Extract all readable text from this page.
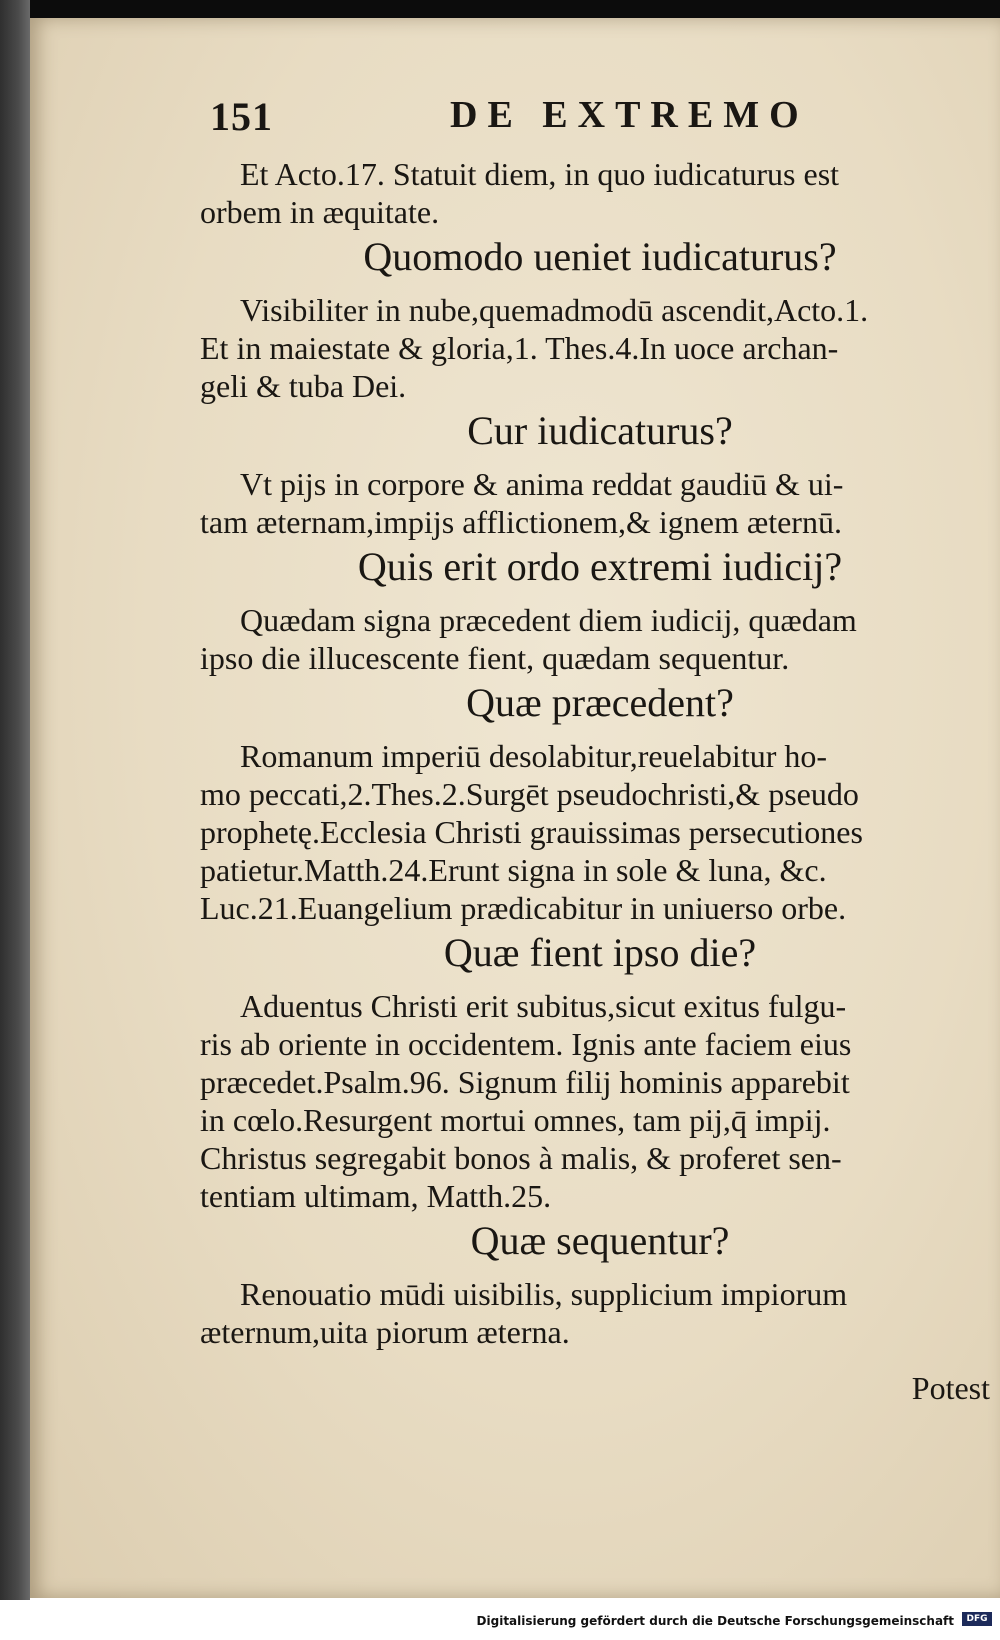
151	DE EXTREMO

Et Acto.17. Statuit diem, in quo iudicaturus est

orbem in æquitate.

Quomodo ueniet iudicaturus?

Visibiliter in nube,quemadmodū ascendit,Acto.1.

Et in maiestate & gloria,1. Thes.4.In uoce archan-

geli & tuba Dei.

Cur iudicaturus?

Vt pijs in corpore & anima reddat gaudiū & ui-

tam æternam,impijs afflictionem,& ignem æternū.

Quis erit ordo extremi iudicij?

Quædam signa præcedent diem iudicij, quædam

ipso die illucescente fient, quædam sequentur.

Quæ præcedent?

Romanum imperiū desolabitur,reuelabitur ho-

mo peccati,2.Thes.2.Surgēt pseudochristi,& pseudo

prophetę.Ecclesia Christi grauissimas persecutiones

patietur.Matth.24.Erunt signa in sole & luna, &c.

Luc.21.Euangelium prædicabitur in uniuerso orbe.

Quæ fient ipso die?

Aduentus Christi erit subitus,sicut exitus fulgu-

ris ab oriente in occidentem. Ignis ante faciem eius

præcedet.Psalm.96. Signum filij hominis apparebit

in cœlo.Resurgent mortui omnes, tam pij,q̄ impij.

Christus segregabit bonos à malis, & proferet sen-

tentiam ultimam, Matth.25.

Quæ sequentur?

Renouatio mūdi uisibilis, supplicium impiorum

æternum,uita piorum æterna.

Potest

Digitalisierung gefördert durch die Deutsche Forschungsgemeinschaft	DFG
